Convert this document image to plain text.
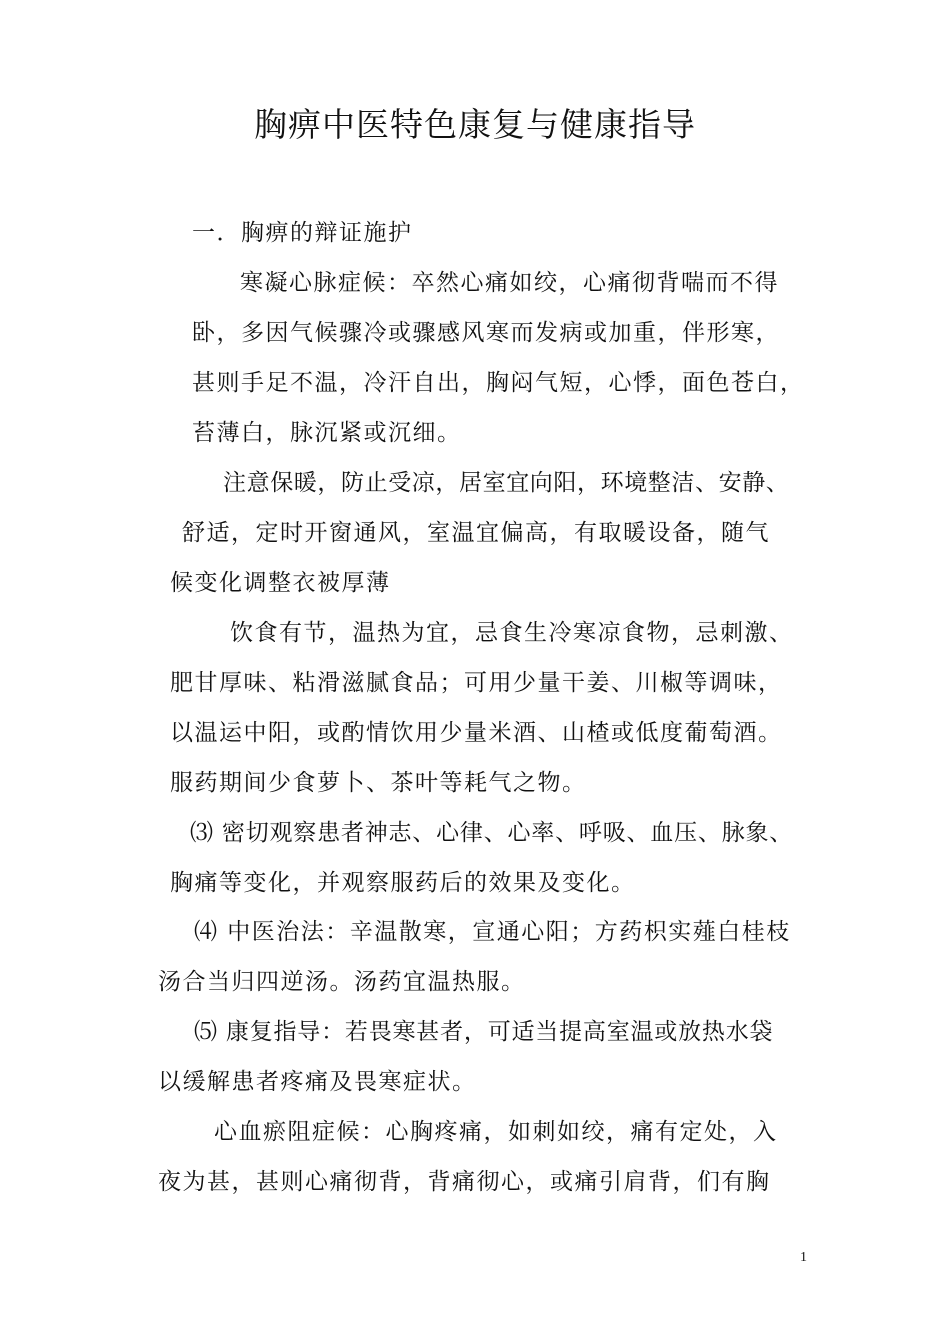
胸痹中医特色康复与健康指导
一．胸痹的辩证施护
寒凝心脉症候：卒然心痛如绞，心痛彻背喘而不得
卧，多因气候骤冷或骤感风寒而发病或加重，伴形寒，
甚则手足不温，冷汗自出，胸闷气短，心悸，面色苍白，
苔薄白，脉沉紧或沉细。
注意保暖，防止受凉，居室宜向阳，环境整洁、安静、
舒适，定时开窗通风，室温宜偏高，有取暖设备，随气
候变化调整衣被厚薄
饮食有节，温热为宜，忌食生冷寒凉食物，忌刺激、
肥甘厚味、粘滑滋腻食品；可用少量干姜、川椒等调味，
以温运中阳，或酌情饮用少量米酒、山楂或低度葡萄酒。
服药期间少食萝卜、茶叶等耗气之物。
⑶ 密切观察患者神志、心律、心率、呼吸、血压、脉象、
胸痛等变化，并观察服药后的效果及变化。
⑷ 中医治法：辛温散寒，宣通心阳；方药枳实薤白桂枝
汤合当归四逆汤。汤药宜温热服。
⑸ 康复指导：若畏寒甚者，可适当提高室温或放热水袋
以缓解患者疼痛及畏寒症状。
心血瘀阻症候：心胸疼痛，如刺如绞，痛有定处，入
夜为甚，甚则心痛彻背，背痛彻心，或痛引肩背，们有胸
1
